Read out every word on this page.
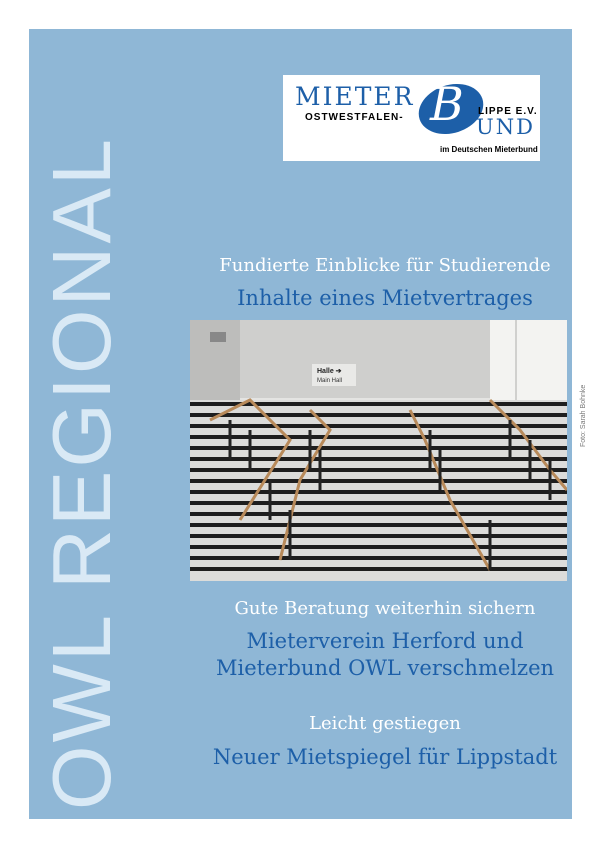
OWL REGIONAL
MIETER
OSTWESTFALEN- B LIPPE E.V.
UND
im Deutschen Mieterbund
Fundierte Einblicke für Studierende
Inhalte eines Mietvertrages
Halle ➔
Main Hall
Foto: Sarah Bohnke
Gute Beratung weiterhin sichern
Mieterverein Herford und
Mieterbund OWL verschmelzen
Leicht gestiegen
Neuer Mietspiegel für Lippstadt
